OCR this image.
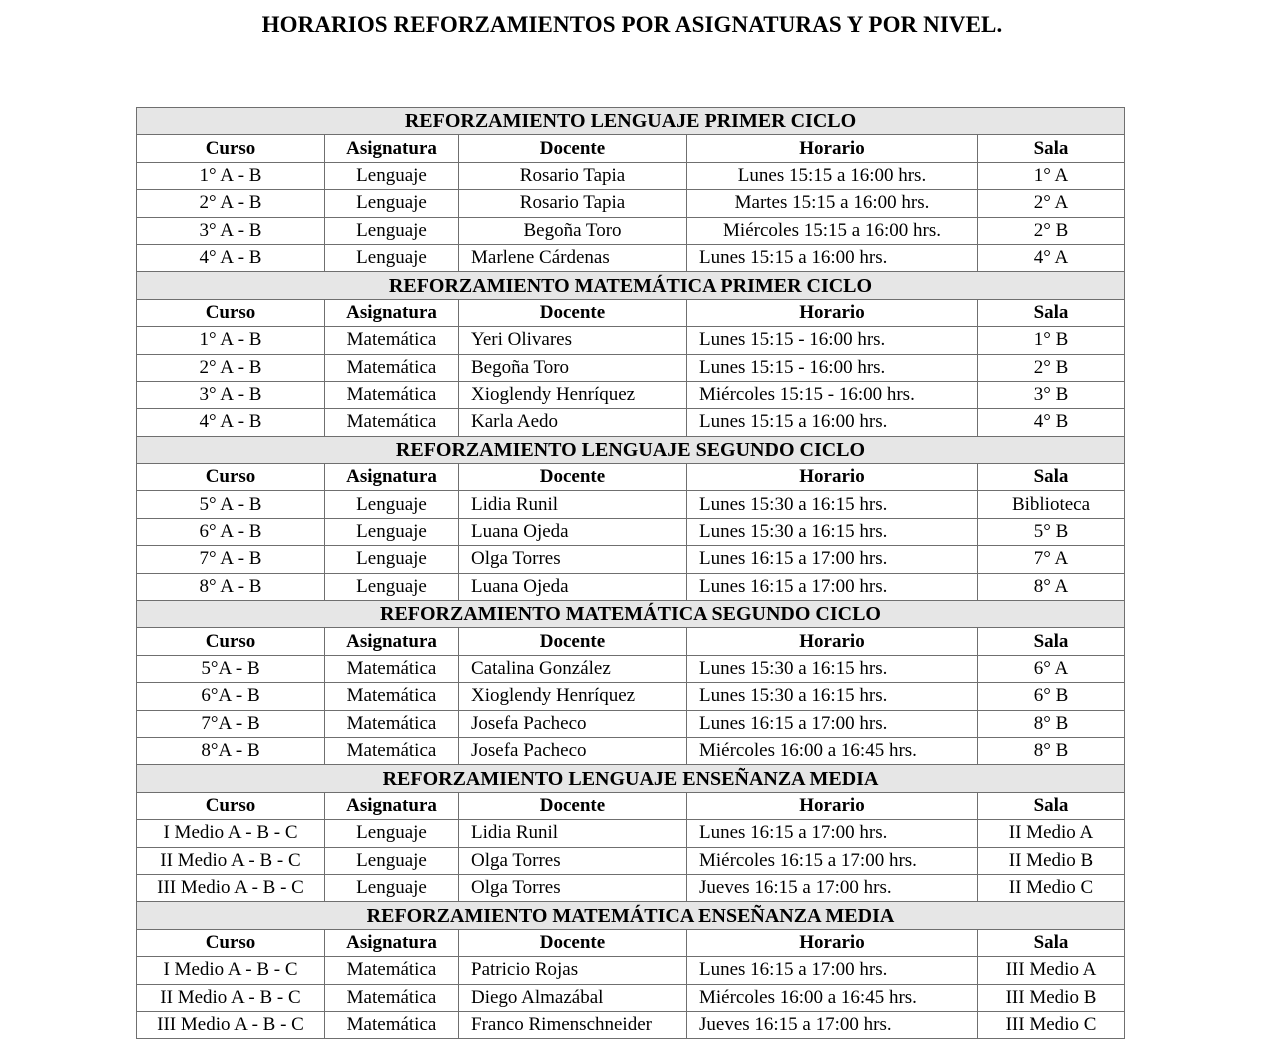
HORARIOS REFORZAMIENTOS POR ASIGNATURAS Y POR NIVEL.
REFORZAMIENTO LENGUAJE PRIMER CICLO				
Curso	Asignatura	Docente	Horario	Sala
1° A - B	Lenguaje	Rosario Tapia	Lunes 15:15 a 16:00 hrs.	1° A
2° A - B	Lenguaje	Rosario Tapia	Martes 15:15 a 16:00 hrs.	2° A
3° A - B	Lenguaje	Begoña Toro	Miércoles 15:15 a 16:00 hrs.	2° B
4° A - B	Lenguaje	Marlene Cárdenas	Lunes 15:15 a 16:00 hrs.	4° A
REFORZAMIENTO MATEMÁTICA PRIMER CICLO				
Curso	Asignatura	Docente	Horario	Sala
1° A - B	Matemática	Yeri Olivares	Lunes 15:15 - 16:00 hrs.	1° B
2° A - B	Matemática	Begoña Toro	Lunes 15:15 - 16:00 hrs.	2° B
3° A - B	Matemática	Xioglendy Henríquez	Miércoles 15:15 - 16:00 hrs.	3° B
4° A - B	Matemática	Karla Aedo	Lunes 15:15 a 16:00 hrs.	4° B
REFORZAMIENTO LENGUAJE SEGUNDO CICLO				
Curso	Asignatura	Docente	Horario	Sala
5° A - B	Lenguaje	Lidia Runil	Lunes 15:30 a 16:15 hrs.	Biblioteca
6° A - B	Lenguaje	Luana Ojeda	Lunes 15:30 a 16:15 hrs.	5° B
7° A - B	Lenguaje	Olga Torres	Lunes 16:15 a 17:00 hrs.	7° A
8° A - B	Lenguaje	Luana Ojeda	Lunes 16:15 a 17:00 hrs.	8° A
REFORZAMIENTO MATEMÁTICA SEGUNDO CICLO				
Curso	Asignatura	Docente	Horario	Sala
5°A - B	Matemática	Catalina González	Lunes 15:30 a 16:15 hrs.	6° A
6°A - B	Matemática	Xioglendy Henríquez	Lunes 15:30 a 16:15 hrs.	6° B
7°A - B	Matemática	Josefa Pacheco	Lunes 16:15 a 17:00 hrs.	8° B
8°A - B	Matemática	Josefa Pacheco	Miércoles 16:00 a 16:45 hrs.	8° B
REFORZAMIENTO LENGUAJE ENSEÑANZA MEDIA				
Curso	Asignatura	Docente	Horario	Sala
I Medio A - B - C	Lenguaje	Lidia Runil	Lunes 16:15 a 17:00 hrs.	II Medio A
II Medio A - B - C	Lenguaje	Olga Torres	Miércoles 16:15 a 17:00 hrs.	II Medio B
III Medio A - B - C	Lenguaje	Olga Torres	Jueves 16:15 a 17:00 hrs.	II Medio C
REFORZAMIENTO MATEMÁTICA ENSEÑANZA MEDIA				
Curso	Asignatura	Docente	Horario	Sala
I Medio A - B - C	Matemática	Patricio Rojas	Lunes 16:15 a 17:00 hrs.	III Medio A
II Medio A - B - C	Matemática	Diego Almazábal	Miércoles 16:00 a 16:45 hrs.	III Medio B
III Medio A - B - C	Matemática	Franco Rimenschneider	Jueves 16:15 a 17:00 hrs.	III Medio C
